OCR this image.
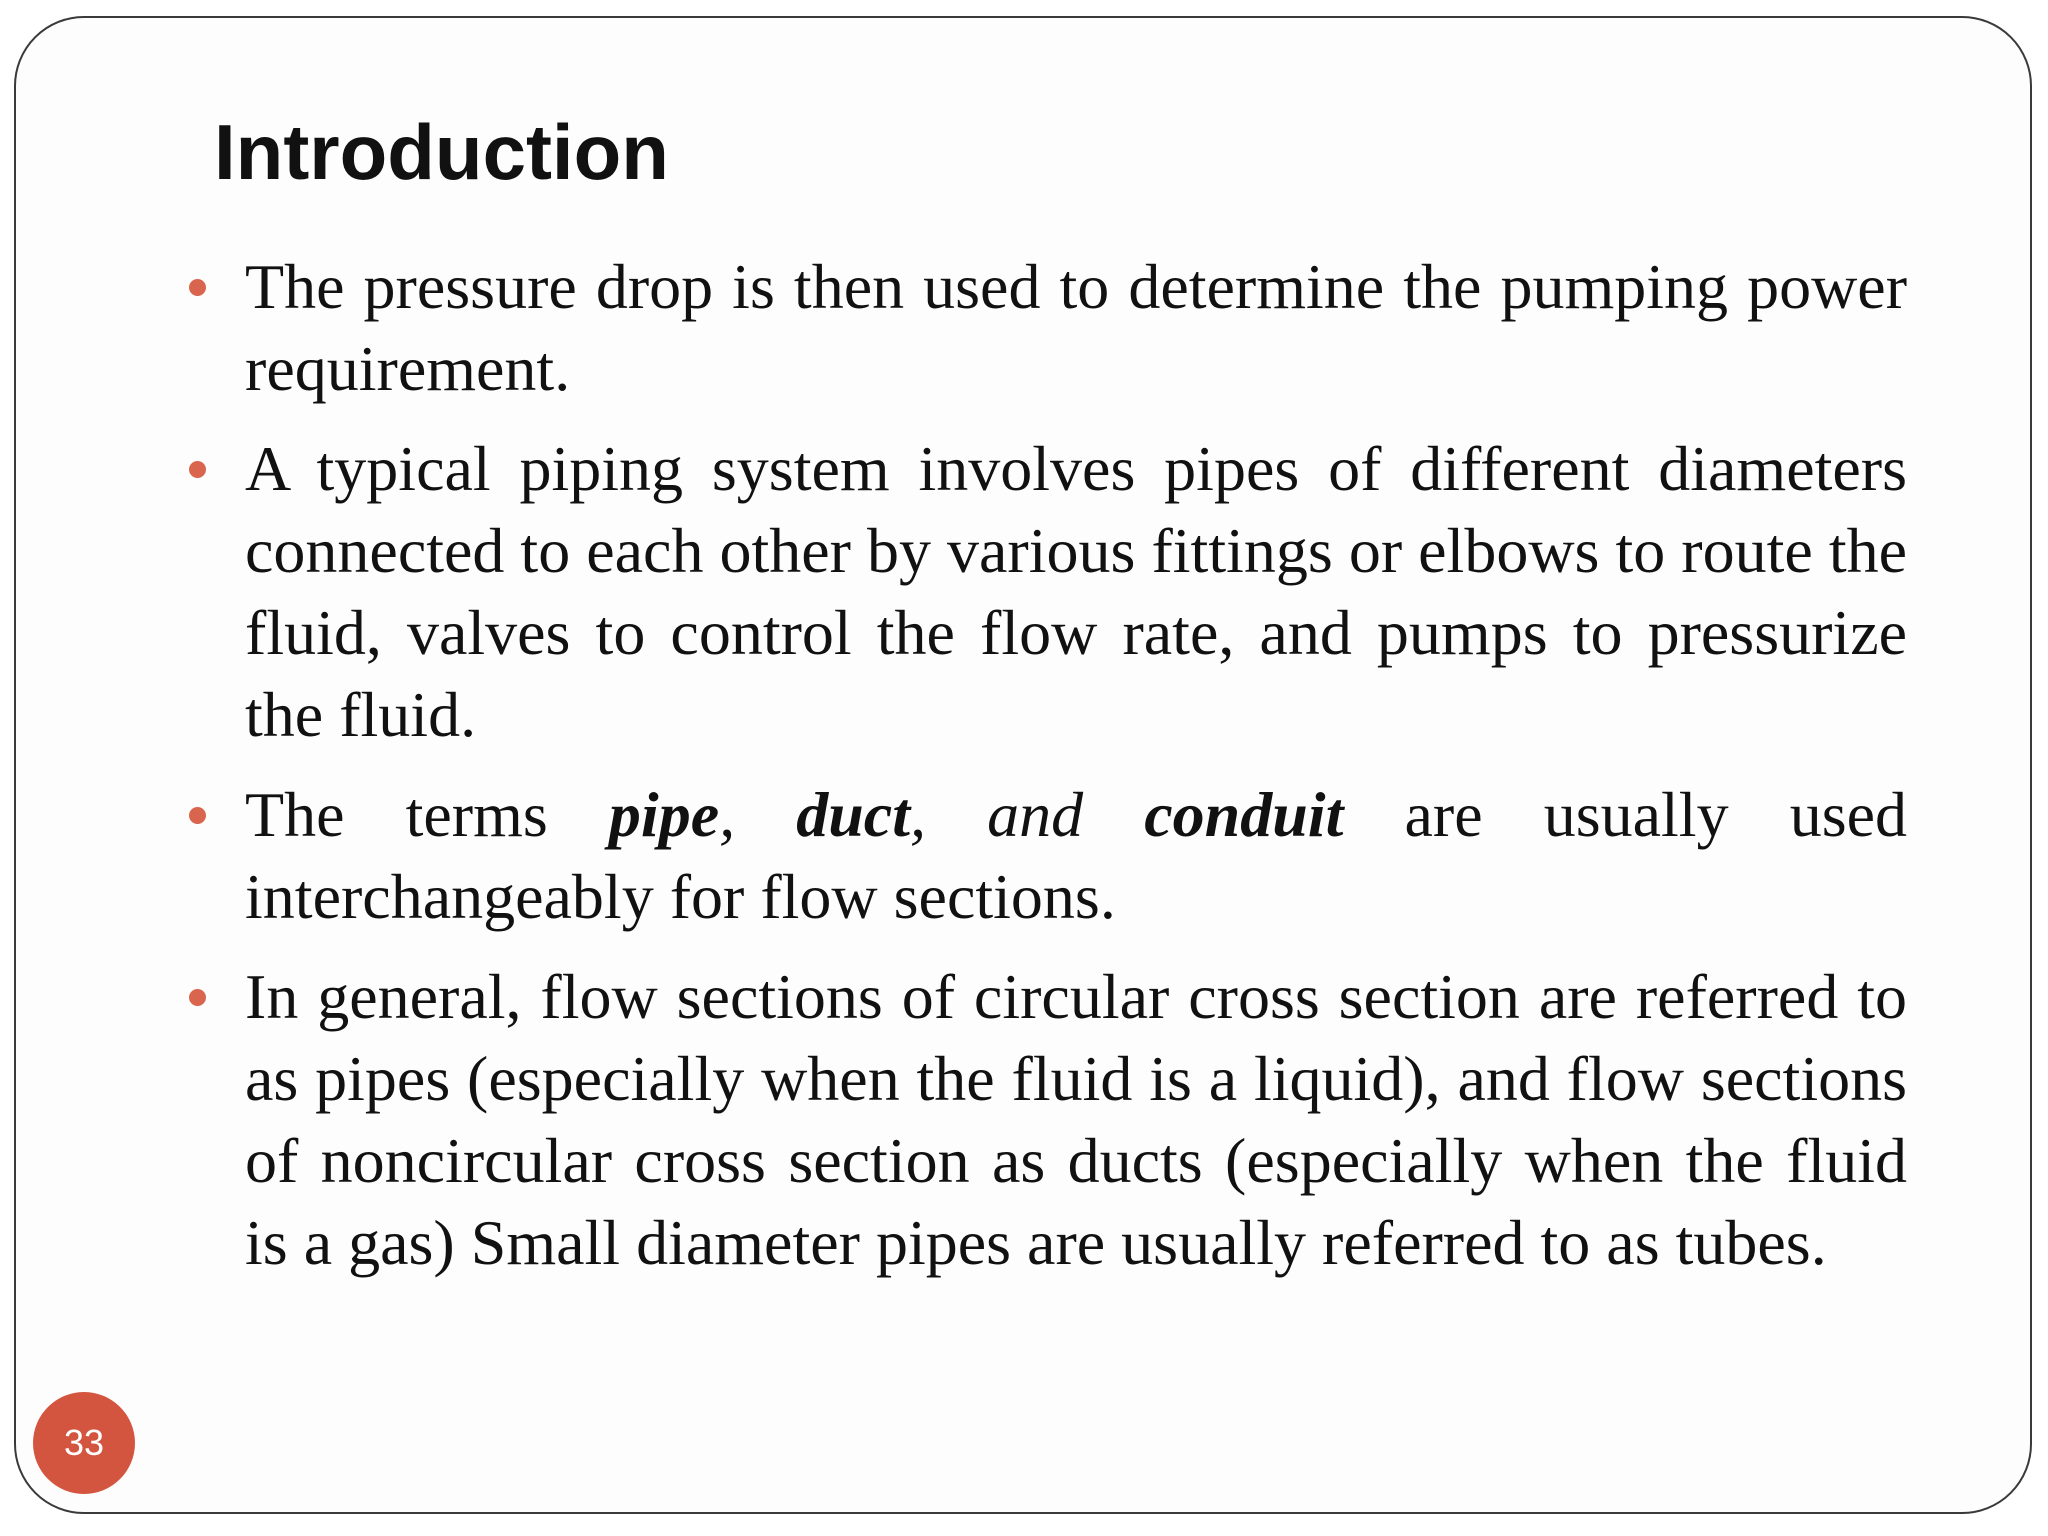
Introduction
The pressure drop is then used to determine the pumping power requirement.
A typical piping system involves pipes of different diameters connected to each other by various fittings or elbows to route the fluid, valves to control the flow rate, and pumps to pressurize the fluid.
The terms pipe, duct, and conduit are usually used interchangeably for flow sections.
In general, flow sections of circular cross section are referred to as pipes (especially when the fluid is a liquid), and flow sections of noncircular cross section as ducts (especially when the fluid is a gas) Small diameter pipes are usually referred to as tubes.
33
